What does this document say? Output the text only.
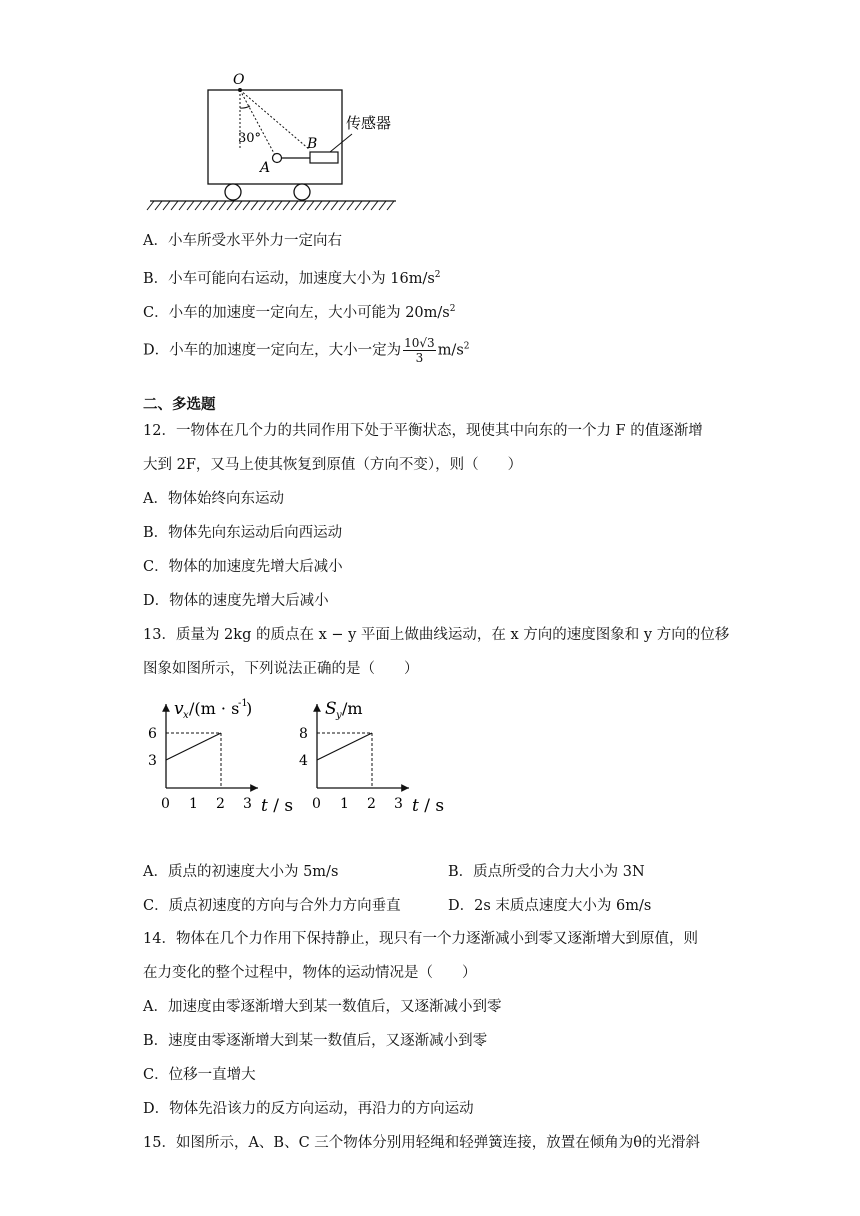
O
30°
A
B
传感器
A．小车所受水平外力一定向右
B．小车可能向右运动，加速度大小为 $16m/s^2$
C．小车的加速度一定向左，大小可能为 $20m/s^2$
D．小车的加速度一定向左，大小一定为 $\frac{10√3}{3} m/s^2$
二、多选题
12．一物体在几个力的共同作用下处于平衡状态，现使其中向东的一个力 F 的值逐渐增
大到 2F，又马上使其恢复到原值（方向不变），则（　　）
A．物体始终向东运动
B．物体先向东运动后向西运动
C．物体的加速度先增大后减小
D．物体的速度先增大后减小
13．质量为 2kg 的质点在 x − y 平面上做曲线运动，在 x 方向的速度图象和 y 方向的位移
图象如图所示，下列说法正确的是（　　）
v x /(m · s
-1
)
6
3
0 1 2 3 t / s
S y /m
8
4
0 1 2 3 t / s
A．质点的初速度大小为 5m/s	B．质点所受的合力大小为 3N
C．质点初速度的方向与合外力方向垂直	D．2s 末质点速度大小为 6m/s
14．物体在几个力作用下保持静止，现只有一个力逐渐减小到零又逐渐增大到原值，则
在力变化的整个过程中，物体的运动情况是（　　）
A．加速度由零逐渐增大到某一数值后，又逐渐减小到零
B．速度由零逐渐增大到某一数值后，又逐渐减小到零
C．位移一直增大
D．物体先沿该力的反方向运动，再沿力的方向运动
15．如图所示，A、B、C 三个物体分别用轻绳和轻弹簧连接，放置在倾角为θ的光滑斜
